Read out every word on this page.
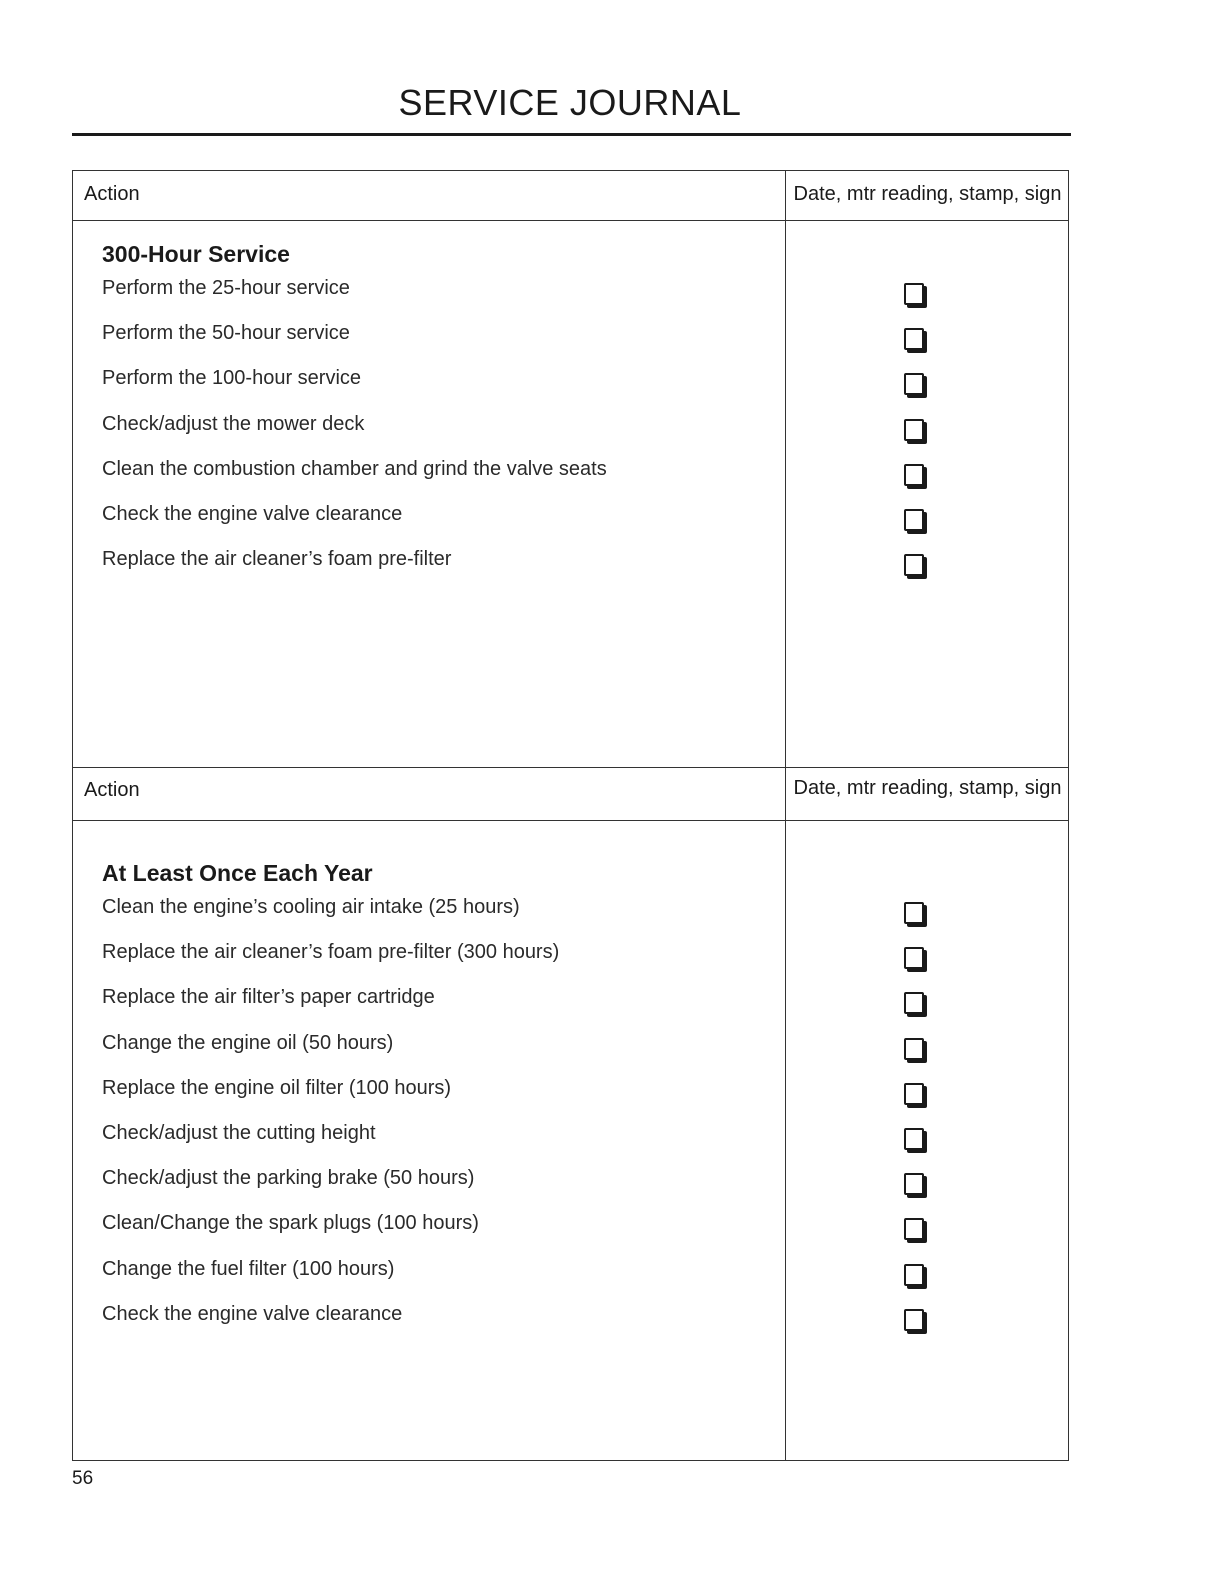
SERVICE JOURNAL
Action	Date, mtr reading, stamp, sign
300-Hour Service
Perform the 25-hour service
Perform the 50-hour service
Perform the 100-hour service
Check/adjust the mower deck
Clean the combustion chamber and grind the valve seats
Check the engine valve clearance
Replace the air cleaner’s foam pre-filter
Action	Date, mtr reading, stamp, sign
At Least Once Each Year
Clean the engine’s cooling air intake (25 hours)
Replace the air cleaner’s foam pre-filter (300 hours)
Replace the air filter’s paper cartridge
Change the engine oil (50 hours)
Replace the engine oil filter (100 hours)
Check/adjust the cutting height
Check/adjust the parking brake (50 hours)
Clean/Change the spark plugs (100 hours)
Change the fuel filter (100 hours)
Check the engine valve clearance
56
